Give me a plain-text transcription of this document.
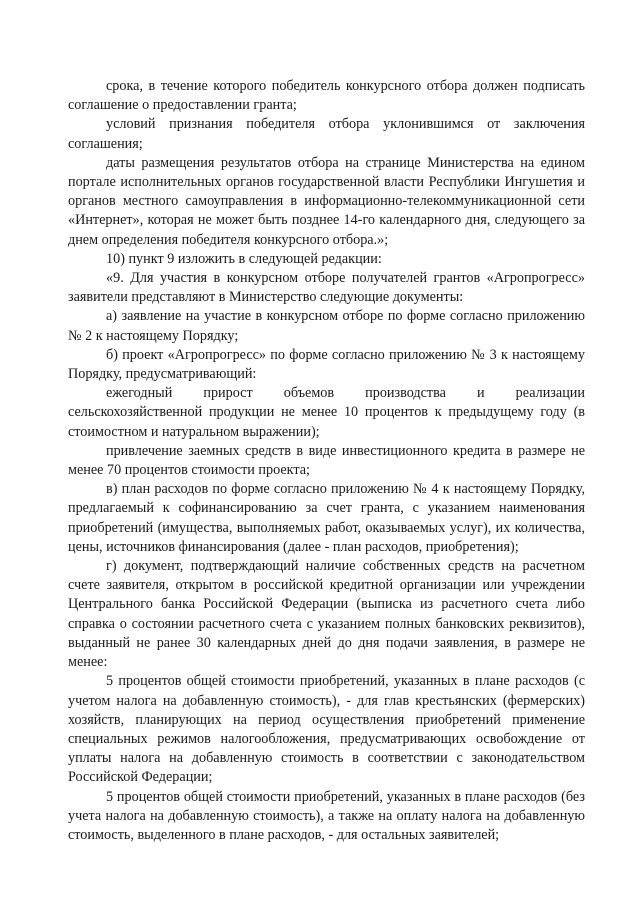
срока, в течение которого победитель конкурсного отбора должен подписать соглашение о предоставлении гранта;

условий признания победителя отбора уклонившимся от заключения соглашения;

даты размещения результатов отбора на странице Министерства на едином портале исполнительных органов государственной власти Республики Ингушетия и органов местного самоуправления в информационно-телекоммуникационной сети «Интернет», которая не может быть позднее 14-го календарного дня, следующего за днем определения победителя конкурсного отбора.»;

10) пункт 9 изложить в следующей редакции:

«9. Для участия в конкурсном отборе получателей грантов «Агропрогресс» заявители представляют в Министерство следующие документы:

а) заявление на участие в конкурсном отборе по форме согласно приложению № 2 к настоящему Порядку;

б) проект «Агропрогресс» по форме согласно приложению № 3 к настоящему Порядку, предусматривающий:

ежегодный прирост объемов производства и реализации сельскохозяйственной продукции не менее 10 процентов к предыдущему году (в стоимостном и натуральном выражении);

привлечение заемных средств в виде инвестиционного кредита в размере не менее 70 процентов стоимости проекта;

в) план расходов по форме согласно приложению № 4 к настоящему Порядку, предлагаемый к софинансированию за счет гранта, с указанием наименования приобретений (имущества, выполняемых работ, оказываемых услуг), их количества, цены, источников финансирования (далее - план расходов, приобретения);

г) документ, подтверждающий наличие собственных средств на расчетном счете заявителя, открытом в российской кредитной организации или учреждении Центрального банка Российской Федерации (выписка из расчетного счета либо справка о состоянии расчетного счета с указанием полных банковских реквизитов), выданный не ранее 30 календарных дней до дня подачи заявления, в размере не менее:

5 процентов общей стоимости приобретений, указанных в плане расходов (с учетом налога на добавленную стоимость), - для глав крестьянских (фермерских) хозяйств, планирующих на период осуществления приобретений применение специальных режимов налогообложения, предусматривающих освобождение от уплаты налога на добавленную стоимость в соответствии с законодательством Российской Федерации;

5 процентов общей стоимости приобретений, указанных в плане расходов (без учета налога на добавленную стоимость), а также на оплату налога на добавленную стоимость, выделенного в плане расходов, - для остальных заявителей;
